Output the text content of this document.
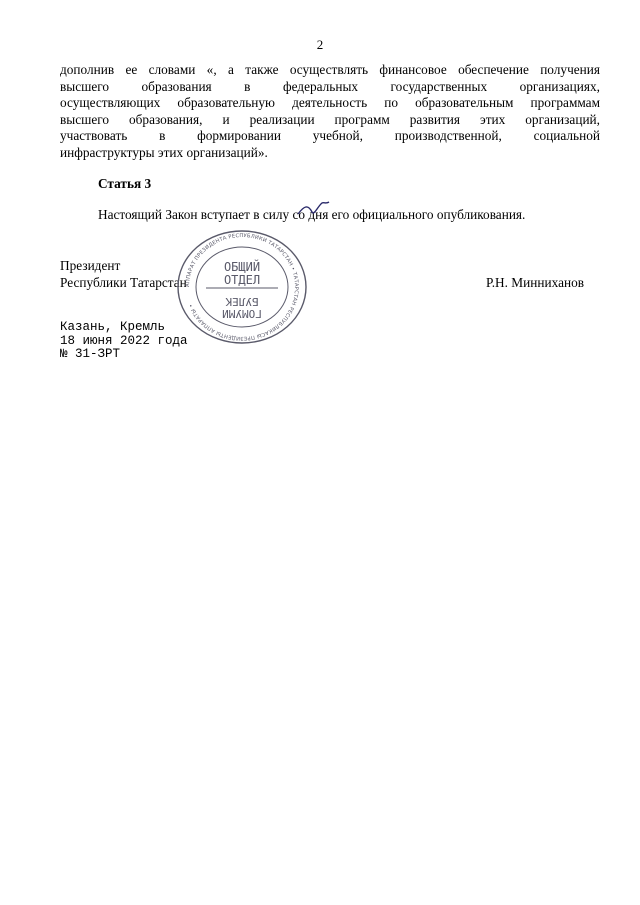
2
дополнив ее словами «, а также осуществлять финансовое обеспечение получения
высшего образования в федеральных государственных организациях,
осуществляющих образовательную деятельность по образовательным программам
высшего образования, и реализации программ развития этих организаций,
участвовать в формировании учебной, производственной, социальной
инфраструктуры этих организаций».
Статья 3
Настоящий Закон вступает в силу со дня его официального опубликования.
Президент
Республики Татарстан	Р.Н. Минниханов
Казань, Кремль
18 июня 2022 года
№ 31-ЗРТ
АППАРАТ ПРЕЗИДЕНТА РЕСПУБЛИКИ ТАТАРСТАН • ТАТАРСТАН РЕСПУБЛИКАСЫ ПРЕЗИДЕНТЫ АППАРАТЫ •
ОБЩИЙ
ОТДЕЛ
ГОМУМИ
БУЛЕК
